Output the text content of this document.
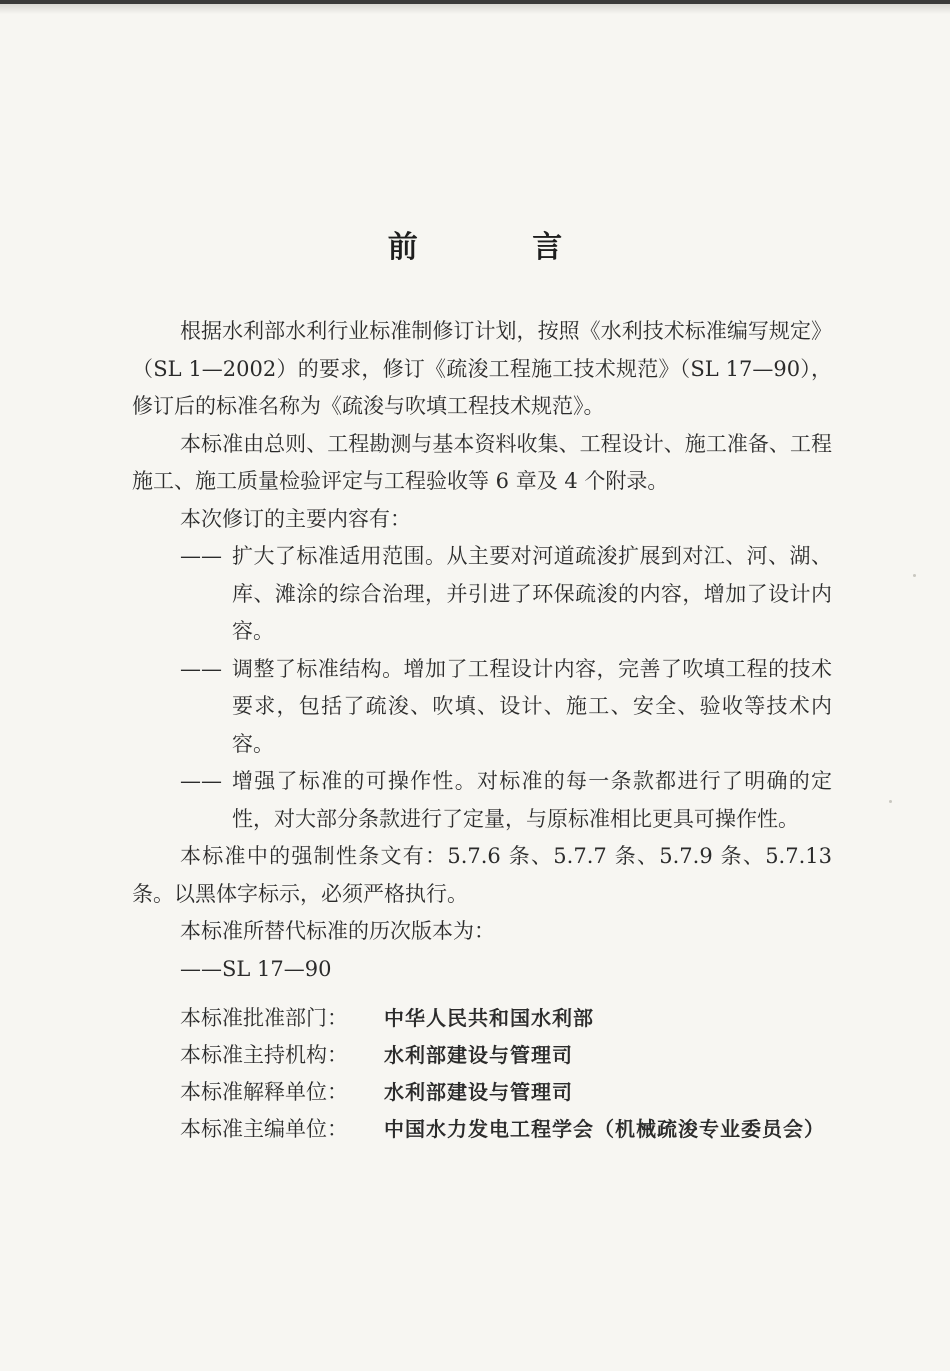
前 言
根据水利部水利行业标准制修订计划，按照《水利技术标准编写规定》（SL 1—2002）的要求，修订《疏浚工程施工技术规范》（SL 17—90），修订后的标准名称为《疏浚与吹填工程技术规范》。
本标准由总则、工程勘测与基本资料收集、工程设计、施工准备、工程施工、施工质量检验评定与工程验收等 6 章及 4 个附录。
本次修订的主要内容有：
—— 扩大了标准适用范围。从主要对河道疏浚扩展到对江、河、湖、库、滩涂的综合治理，并引进了环保疏浚的内容，增加了设计内容。
—— 调整了标准结构。增加了工程设计内容，完善了吹填工程的技术要求，包括了疏浚、吹填、设计、施工、安全、验收等技术内容。
—— 增强了标准的可操作性。对标准的每一条款都进行了明确的定性，对大部分条款进行了定量，与原标准相比更具可操作性。
本标准中的强制性条文有：5.7.6 条、5.7.7 条、5.7.9 条、5.7.13 条。以黑体字标示，必须严格执行。
本标准所替代标准的历次版本为：
——SL 17—90
本标准批准部门：	中华人民共和国水利部
本标准主持机构：	水利部建设与管理司
本标准解释单位：	水利部建设与管理司
本标准主编单位：	中国水力发电工程学会（机械疏浚专业委员会）
